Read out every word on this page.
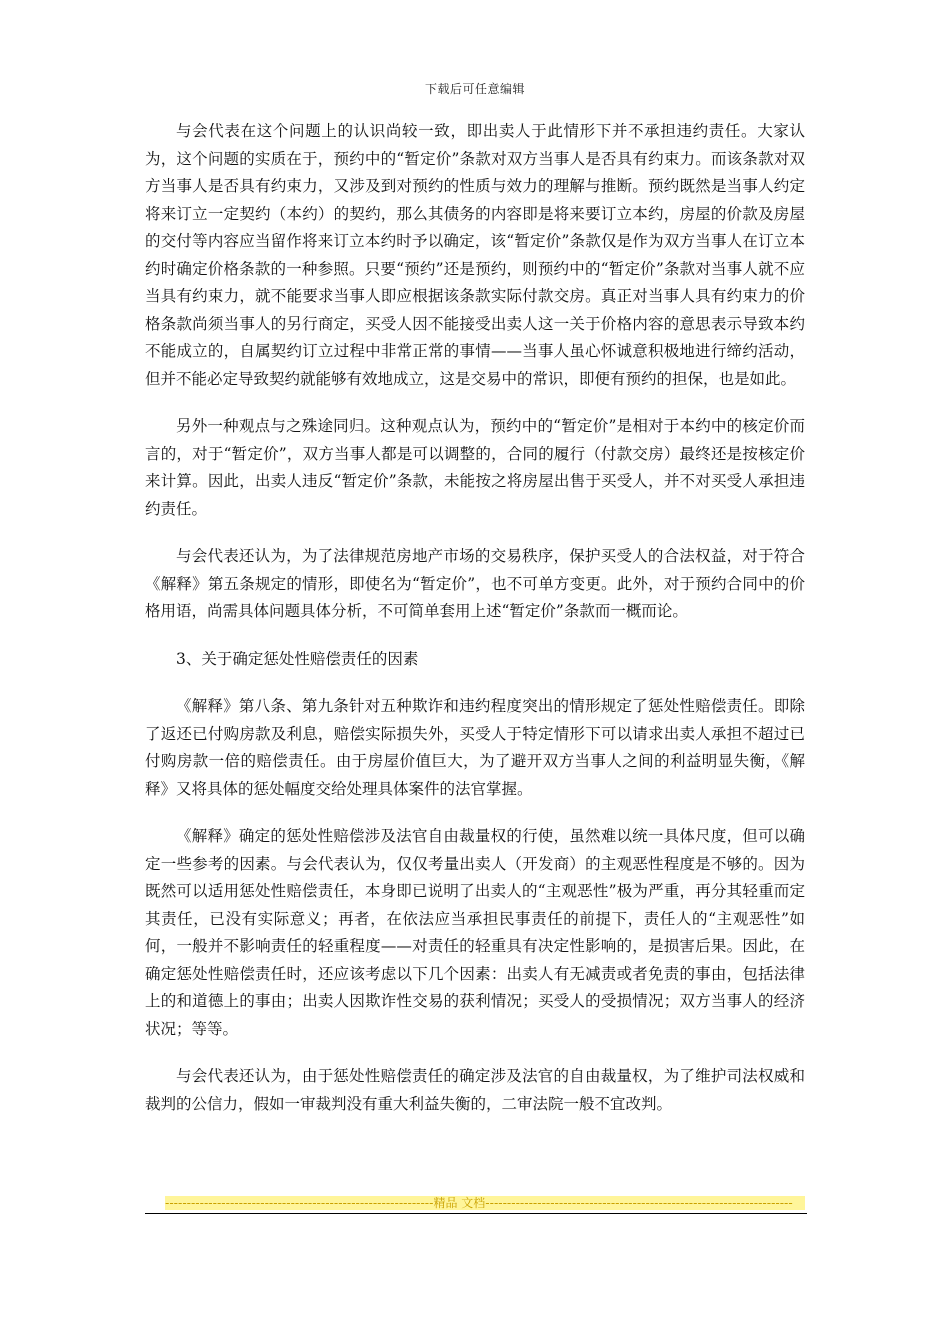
下载后可任意编辑

与会代表在这个问题上的认识尚较一致，即出卖人于此情形下并不承担违约责任。大家认为，这个问题的实质在于，预约中的“暂定价”条款对双方当事人是否具有约束力。而该条款对双方当事人是否具有约束力，又涉及到对预约的性质与效力的理解与推断。预约既然是当事人约定将来订立一定契约（本约）的契约，那么其债务的内容即是将来要订立本约，房屋的价款及房屋的交付等内容应当留作将来订立本约时予以确定，该“暂定价”条款仅是作为双方当事人在订立本约时确定价格条款的一种参照。只要“预约”还是预约，则预约中的“暂定价”条款对当事人就不应当具有约束力，就不能要求当事人即应根据该条款实际付款交房。真正对当事人具有约束力的价格条款尚须当事人的另行商定，买受人因不能接受出卖人这一关于价格内容的意思表示导致本约不能成立的，自属契约订立过程中非常正常的事情——当事人虽心怀诚意积极地进行缔约活动，但并不能必定导致契约就能够有效地成立，这是交易中的常识，即便有预约的担保，也是如此。

另外一种观点与之殊途同归。这种观点认为，预约中的“暂定价”是相对于本约中的核定价而言的，对于“暂定价”，双方当事人都是可以调整的，合同的履行（付款交房）最终还是按核定价来计算。因此，出卖人违反“暂定价”条款，未能按之将房屋出售于买受人，并不对买受人承担违约责任。

与会代表还认为，为了法律规范房地产市场的交易秩序，保护买受人的合法权益，对于符合《解释》第五条规定的情形，即使名为“暂定价”，也不可单方变更。此外，对于预约合同中的价格用语，尚需具体问题具体分析，不可简单套用上述“暂定价”条款而一概而论。

3、关于确定惩处性赔偿责任的因素

《解释》第八条、第九条针对五种欺诈和违约程度突出的情形规定了惩处性赔偿责任。即除了返还已付购房款及利息，赔偿实际损失外，买受人于特定情形下可以请求出卖人承担不超过已付购房款一倍的赔偿责任。由于房屋价值巨大，为了避开双方当事人之间的利益明显失衡，《解释》又将具体的惩处幅度交给处理具体案件的法官掌握。

《解释》确定的惩处性赔偿涉及法官自由裁量权的行使，虽然难以统一具体尺度，但可以确定一些参考的因素。与会代表认为，仅仅考量出卖人（开发商）的主观恶性程度是不够的。因为既然可以适用惩处性赔偿责任，本身即已说明了出卖人的“主观恶性”极为严重，再分其轻重而定其责任，已没有实际意义；再者，在依法应当承担民事责任的前提下，责任人的“主观恶性”如何，一般并不影响责任的轻重程度——对责任的轻重具有决定性影响的，是损害后果。因此，在确定惩处性赔偿责任时，还应该考虑以下几个因素：出卖人有无减责或者免责的事由，包括法律上的和道德上的事由；出卖人因欺诈性交易的获利情况；买受人的受损情况；双方当事人的经济状况；等等。

与会代表还认为，由于惩处性赔偿责任的确定涉及法官的自由裁量权，为了维护司法权威和裁判的公信力，假如一审裁判没有重大利益失衡的，二审法院一般不宜改判。

--------------------------------------------------------------精品 文档-----------------------------------------------------------------------
